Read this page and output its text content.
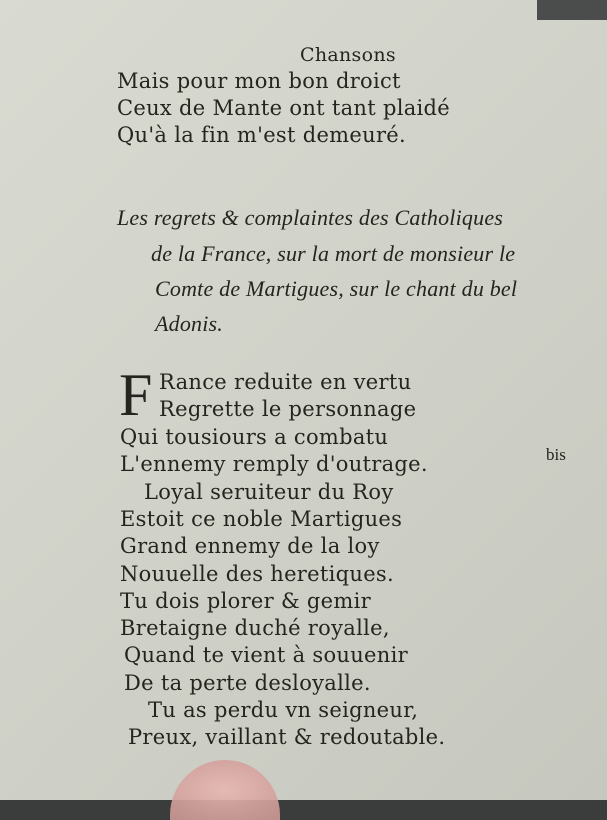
Chansons
Mais pour mon bon droict
Ceux de Mante ont tant plaidé
Qu'à la fin m'est demeuré.
Les regrets & complaintes des Catholiques
de la France, sur la mort de monsieur le
Comte de Martigues, sur le chant du bel
Adonis.
F Rance reduite en vertu
Regrette le personnage
Qui tousiours a combatu
L'ennemy remply d'outrage.
Loyal seruiteur du Roy
Estoit ce noble Martigues
Grand ennemy de la loy
Nouuelle des heretiques.
Tu dois plorer & gemir
Bretaigne duché royalle,
Quand te vient à souuenir
De ta perte desloyalle.
Tu as perdu vn seigneur,
Preux, vaillant & redoutable.
bis
